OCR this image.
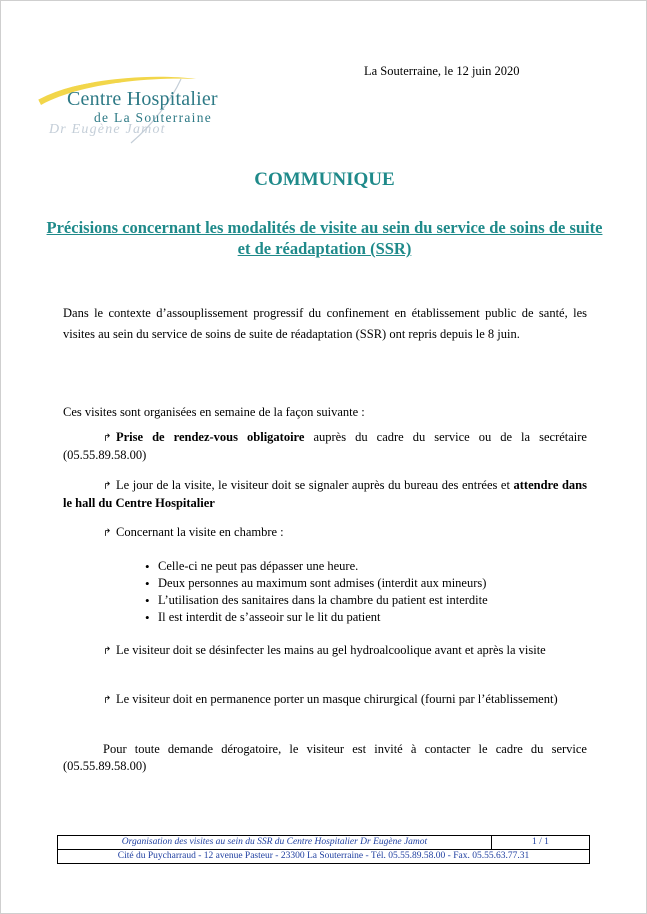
Centre Hospitalier
de La Souterraine
Dr Eugène Jamot
La Souterraine, le 12 juin 2020
COMMUNIQUE
Précisions concernant les modalités de visite au sein du service de soins de suite et de réadaptation (SSR)
Dans le contexte d’assouplissement progressif du confinement en établissement public de santé, les visites au sein du service de soins de suite de réadaptation (SSR) ont repris depuis le 8 juin.
Ces visites sont organisées en semaine de la façon suivante :
↱ Prise de rendez-vous obligatoire auprès du cadre du service ou de la secrétaire (05.55.89.58.00)
↱ Le jour de la visite, le visiteur doit se signaler auprès du bureau des entrées et attendre dans le hall du Centre Hospitalier
↱ Concernant la visite en chambre :
• Celle-ci ne peut pas dépasser une heure.
• Deux personnes au maximum sont admises (interdit aux mineurs)
• L’utilisation des sanitaires dans la chambre du patient est interdite
• Il est interdit de s’asseoir sur le lit du patient
↱ Le visiteur doit se désinfecter les mains au gel hydroalcoolique avant et après la visite
↱ Le visiteur doit en permanence porter un masque chirurgical (fourni par l’établissement)
Pour toute demande dérogatoire, le visiteur est invité à contacter le cadre du service (05.55.89.58.00)
Organisation des visites au sein du SSR du Centre Hospitalier Dr Eugène Jamot	1 / 1
Cité du Puycharraud - 12 avenue Pasteur - 23300 La Souterraine - Tél. 05.55.89.58.00 - Fax. 05.55.63.77.31
